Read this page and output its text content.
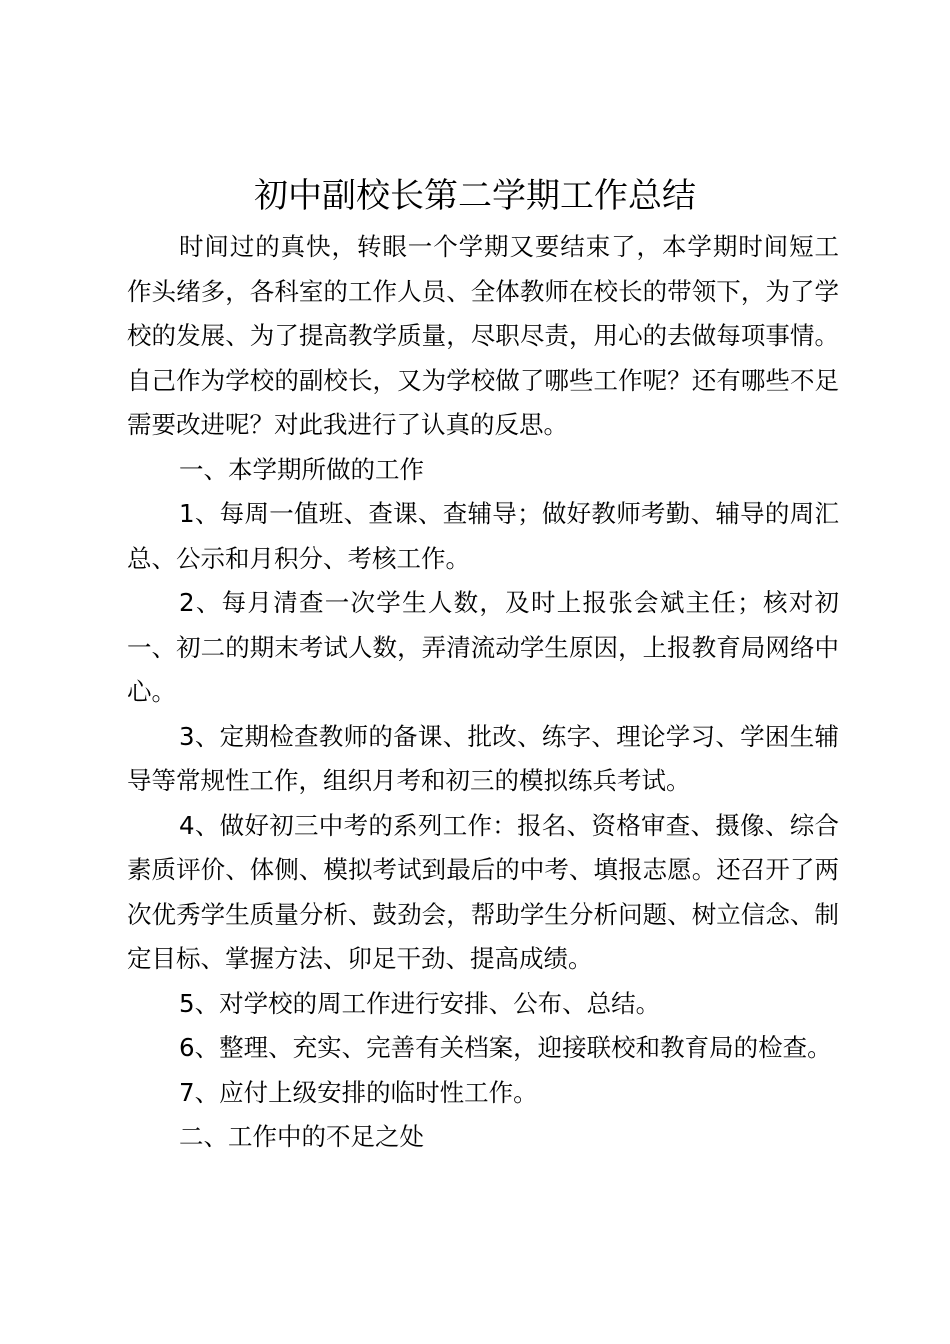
初中副校长第二学期工作总结

时间过的真快，转眼一个学期又要结束了，本学期时间短工作头绪多，各科室的工作人员、全体教师在校长的带领下，为了学校的发展、为了提高教学质量，尽职尽责，用心的去做每项事情。自己作为学校的副校长，又为学校做了哪些工作呢？还有哪些不足需要改进呢？对此我进行了认真的反思。

一、本学期所做的工作

1、每周一值班、查课、查辅导；做好教师考勤、辅导的周汇总、公示和月积分、考核工作。

2、每月清查一次学生人数，及时上报张会斌主任；核对初一、初二的期末考试人数，弄清流动学生原因，上报教育局网络中心。

3、定期检查教师的备课、批改、练字、理论学习、学困生辅导等常规性工作，组织月考和初三的模拟练兵考试。

4、做好初三中考的系列工作：报名、资格审查、摄像、综合素质评价、体侧、模拟考试到最后的中考、填报志愿。还召开了两次优秀学生质量分析、鼓劲会，帮助学生分析问题、树立信念、制定目标、掌握方法、卯足干劲、提高成绩。

5、对学校的周工作进行安排、公布、总结。

6、整理、充实、完善有关档案，迎接联校和教育局的检查。

7、应付上级安排的临时性工作。

二、工作中的不足之处
